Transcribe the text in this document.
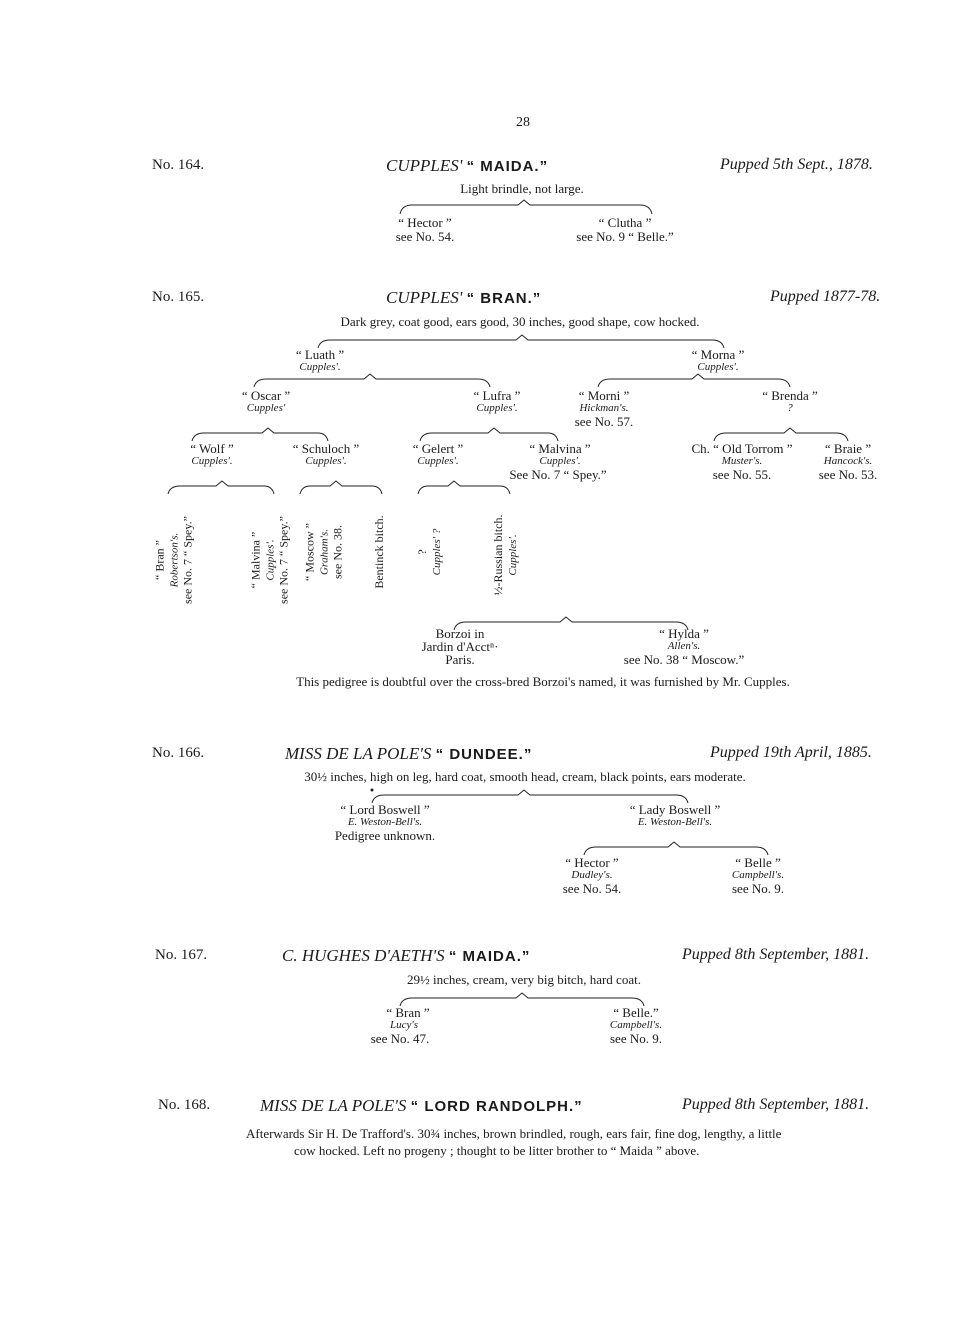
28
No. 164.	CUPPLES' “ MAIDA.”	Pupped 5th Sept., 1878.
Light brindle, not large.
“ Hector ”
see No. 54.
“ Clutha ”
see No. 9 “ Belle.”
No. 165.	CUPPLES' “ BRAN.”	Pupped 1877-78.
Dark grey, coat good, ears good, 30 inches, good shape, cow hocked.
“ Luath ”
Cupples'.
“ Morna ”
Cupples'.
“ Oscar ”
Cupples'
“ Lufra ”
Cupples'.
“ Morni ”
Hickman's.
see No. 57.
“ Brenda ”
?
“ Wolf ”
Cupples'.
“ Schuloch ”
Cupples'.
“ Gelert ”
Cupples'.
“ Malvina ”
Cupples'.
See No. 7 “ Spey.”
Ch. “ Old Torrom ”
Muster's.
see No. 55.
“ Braie ”
Hancock's.
see No. 53.
“ Bran ” Robertson's. see No. 7 “ Spey.”	“ Malvina ” Cupples'. see No. 7 “ Spey.” “ Moscow ” Graham's. see No. 38. Bentinck bitch. ? Cupples' ?	½-Russian bitch. Cupples'.
Borzoi in
Jardin d'Acctⁿ·
Paris.
“ Hylda ”
Allen's.
see No. 38 “ Moscow.”
This pedigree is doubtful over the cross-bred Borzoi's named, it was furnished by Mr. Cupples.
No. 166.	MISS DE LA POLE'S “ DUNDEE.”	Pupped 19th April, 1885.
30½ inches, high on leg, hard coat, smooth head, cream, black points, ears moderate.
“ Lord Boswell ”
E. Weston-Bell's.
Pedigree unknown.
“ Lady Boswell ”
E. Weston-Bell's.
“ Hector ”
Dudley's.
see No. 54.
“ Belle ”
Campbell's.
see No. 9.
No. 167.	C. HUGHES D'AETH'S “ MAIDA.”	Pupped 8th September, 1881.
29½ inches, cream, very big bitch, hard coat.
“ Bran ”
Lucy's
see No. 47.
“ Belle.”
Campbell's.
see No. 9.
No. 168.	MISS DE LA POLE'S “ LORD RANDOLPH.”	Pupped 8th September, 1881.
Afterwards Sir H. De Trafford's. 30¾ inches, brown brindled, rough, ears fair, fine dog, lengthy, a little
cow hocked. Left no progeny ; thought to be litter brother to “ Maida ” above.
